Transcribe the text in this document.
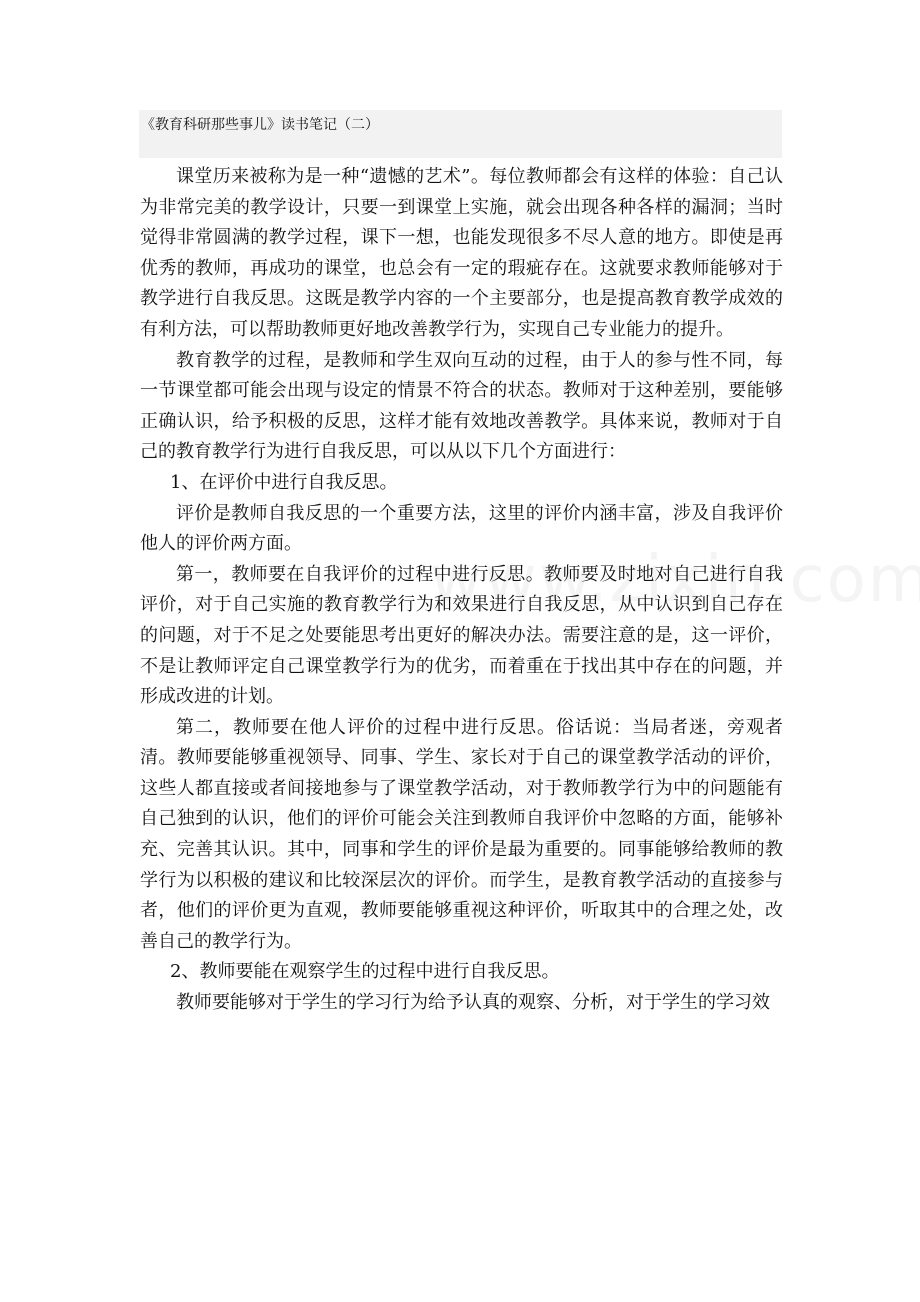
《教育科研那些事儿》读书笔记（二）

课堂历来被称为是一种“遗憾的艺术”。每位教师都会有这样的体验：自己认为非常完美的教学设计，只要一到课堂上实施，就会出现各种各样的漏洞；当时觉得非常圆满的教学过程，课下一想，也能发现很多不尽人意的地方。即使是再优秀的教师，再成功的课堂，也总会有一定的瑕疵存在。这就要求教师能够对于教学进行自我反思。这既是教学内容的一个主要部分，也是提高教育教学成效的有利方法，可以帮助教师更好地改善教学行为，实现自己专业能力的提升。

教育教学的过程，是教师和学生双向互动的过程，由于人的参与性不同，每一节课堂都可能会出现与设定的情景不符合的状态。教师对于这种差别，要能够正确认识，给予积极的反思，这样才能有效地改善教学。具体来说，教师对于自己的教育教学行为进行自我反思，可以从以下几个方面进行：

1、在评价中进行自我反思。

评价是教师自我反思的一个重要方法，这里的评价内涵丰富，涉及自我评价他人的评价两方面。

第一，教师要在自我评价的过程中进行反思。教师要及时地对自己进行自我评价，对于自己实施的教育教学行为和效果进行自我反思，从中认识到自己存在的问题，对于不足之处要能思考出更好的解决办法。需要注意的是，这一评价，不是让教师评定自己课堂教学行为的优劣，而着重在于找出其中存在的问题，并形成改进的计划。

第二，教师要在他人评价的过程中进行反思。俗话说：当局者迷，旁观者清。教师要能够重视领导、同事、学生、家长对于自己的课堂教学活动的评价，这些人都直接或者间接地参与了课堂教学活动，对于教师教学行为中的问题能有自己独到的认识，他们的评价可能会关注到教师自我评价中忽略的方面，能够补充、完善其认识。其中，同事和学生的评价是最为重要的。同事能够给教师的教学行为以积极的建议和比较深层次的评价。而学生，是教育教学活动的直接参与者，他们的评价更为直观，教师要能够重视这种评价，听取其中的合理之处，改善自己的教学行为。

2、教师要能在观察学生的过程中进行自我反思。

教师要能够对于学生的学习行为给予认真的观察、分析，对于学生的学习效
